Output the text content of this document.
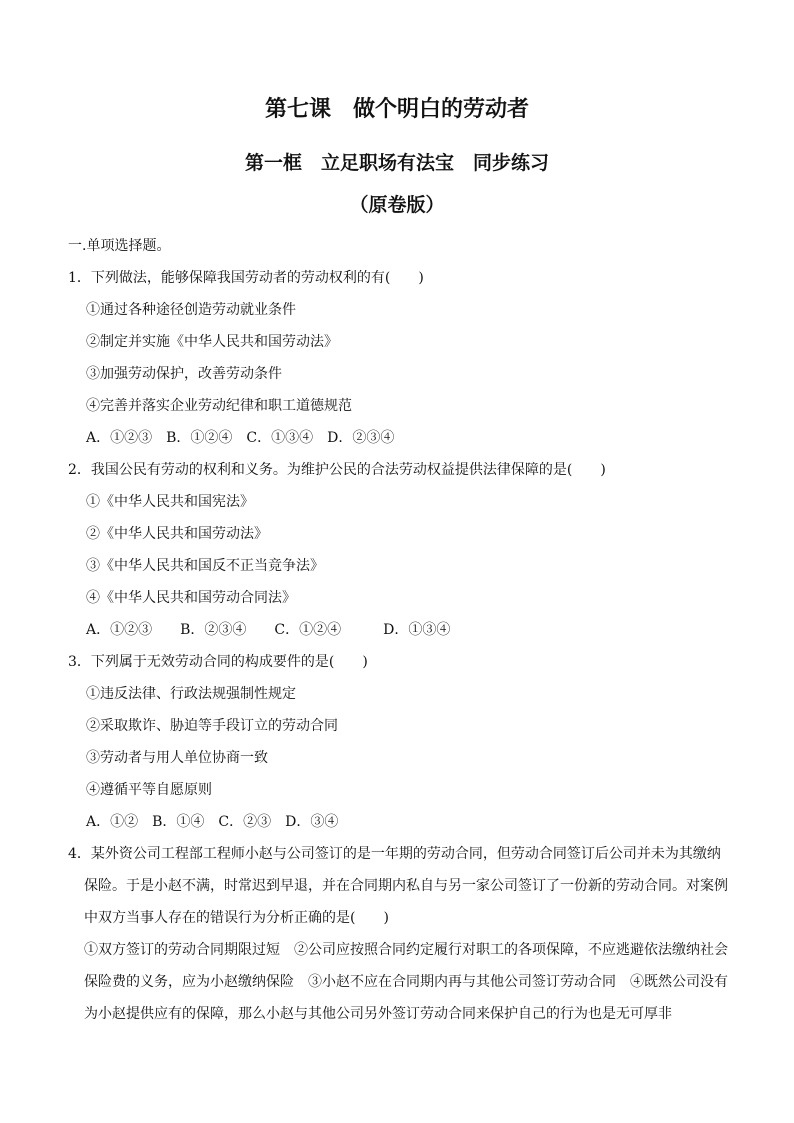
第七课　做个明白的劳动者
第一框　立足职场有法宝　同步练习
（原卷版）
一.单项选择题。
1．下列做法，能够保障我国劳动者的劳动权利的有(　　)
①通过各种途径创造劳动就业条件
②制定并实施《中华人民共和国劳动法》
③加强劳动保护，改善劳动条件
④完善并落实企业劳动纪律和职工道德规范
A．①②③　B．①②④　C．①③④　D．②③④
2．我国公民有劳动的权利和义务。为维护公民的合法劳动权益提供法律保障的是(　　)
①《中华人民共和国宪法》
②《中华人民共和国劳动法》
③《中华人民共和国反不正当竞争法》
④《中华人民共和国劳动合同法》
A．①②③　　B．②③④　　C．①②④　　　D．①③④
3．下列属于无效劳动合同的构成要件的是(　　)
①违反法律、行政法规强制性规定
②采取欺诈、胁迫等手段订立的劳动合同
③劳动者与用人单位协商一致
④遵循平等自愿原则
A．①②　B．①④　C．②③　D．③④
4．某外资公司工程部工程师小赵与公司签订的是一年期的劳动合同，但劳动合同签订后公司并未为其缴纳保险。于是小赵不满，时常迟到早退，并在合同期内私自与另一家公司签订了一份新的劳动合同。对案例中双方当事人存在的错误行为分析正确的是(　　)
①双方签订的劳动合同期限过短　②公司应按照合同约定履行对职工的各项保障，不应逃避依法缴纳社会保险费的义务，应为小赵缴纳保险　③小赵不应在合同期内再与其他公司签订劳动合同　④既然公司没有为小赵提供应有的保障，那么小赵与其他公司另外签订劳动合同来保护自己的行为也是无可厚非
